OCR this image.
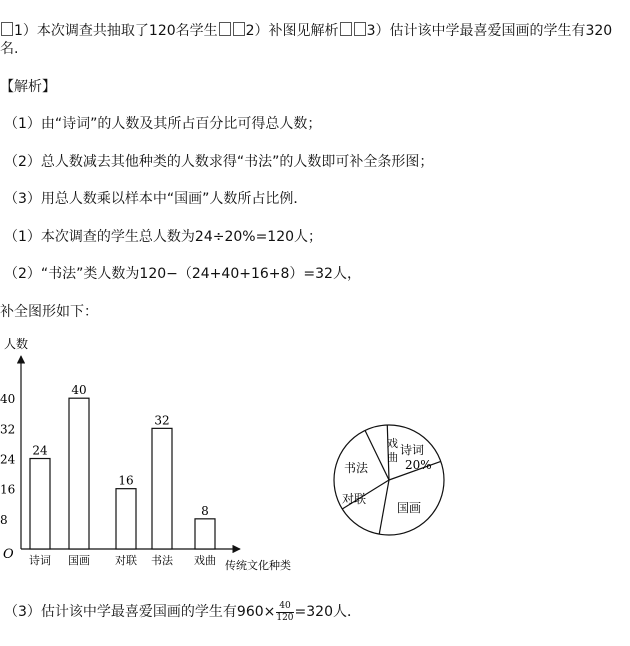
1）本次调查共抽取了120名学生 2）补图见解析 3）估计该中学最喜爱国画的学生有320
名.
【解析】
（1）由“诗词”的人数及其所占百分比可得总人数；
（2）总人数减去其他种类的人数求得“书法”的人数即可补全条形图；
（3）用总人数乘以样本中“国画”人数所占比例．
（1）本次调查的学生总人数为24÷20%=120人；
（2）“书法”类人数为120−（24+40+16+8）=32人，
补全图形如下：
人数
传统文化种类
O
8
16
24
32
40
24
诗词
40
国画
16
对联
32
书法
8
戏曲
诗词
20%
戏
曲
书法
对联
国画
（3）估计该中学最喜爱国画的学生有$960\times \frac{40}{120} =320$人．
